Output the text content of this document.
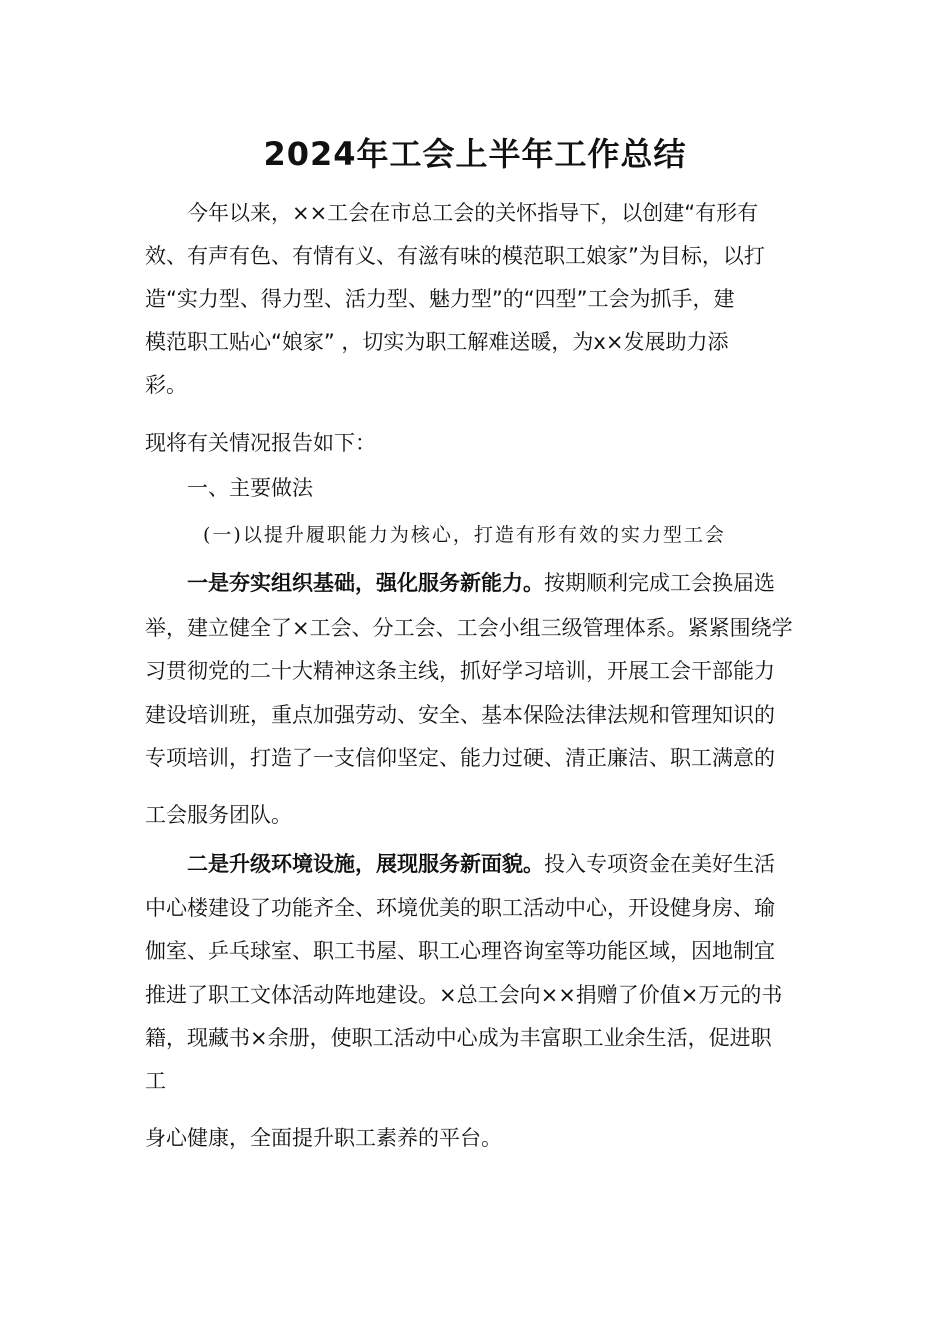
2024年工会上半年工作总结
今年以来，××工会在市总工会的关怀指导下，以创建“有形有
效、有声有色、有情有义、有滋有味的模范职工娘家”为目标，以打
造“实力型、得力型、活力型、魅力型”的“四型”工会为抓手，建
模范职工贴心“娘家” ，切实为职工解难送暖，为x×发展助力添
彩。
现将有关情况报告如下：
一、主要做法
(一)以提升履职能力为核心，打造有形有效的实力型工会
一是夯实组织基础，强化服务新能力。按期顺利完成工会换届选
举，建立健全了×工会、分工会、工会小组三级管理体系。紧紧围绕学
习贯彻党的二十大精神这条主线，抓好学习培训，开展工会干部能力
建设培训班，重点加强劳动、安全、基本保险法律法规和管理知识的
专项培训，打造了一支信仰坚定、能力过硬、清正廉洁、职工满意的
工会服务团队。
二是升级环境设施，展现服务新面貌。投入专项资金在美好生活
中心楼建设了功能齐全、环境优美的职工活动中心，开设健身房、瑜
伽室、乒乓球室、职工书屋、职工心理咨询室等功能区域，因地制宜
推进了职工文体活动阵地建设。×总工会向××捐赠了价值×万元的书
籍，现藏书×余册，使职工活动中心成为丰富职工业余生活，促进职
工
身心健康，全面提升职工素养的平台。
